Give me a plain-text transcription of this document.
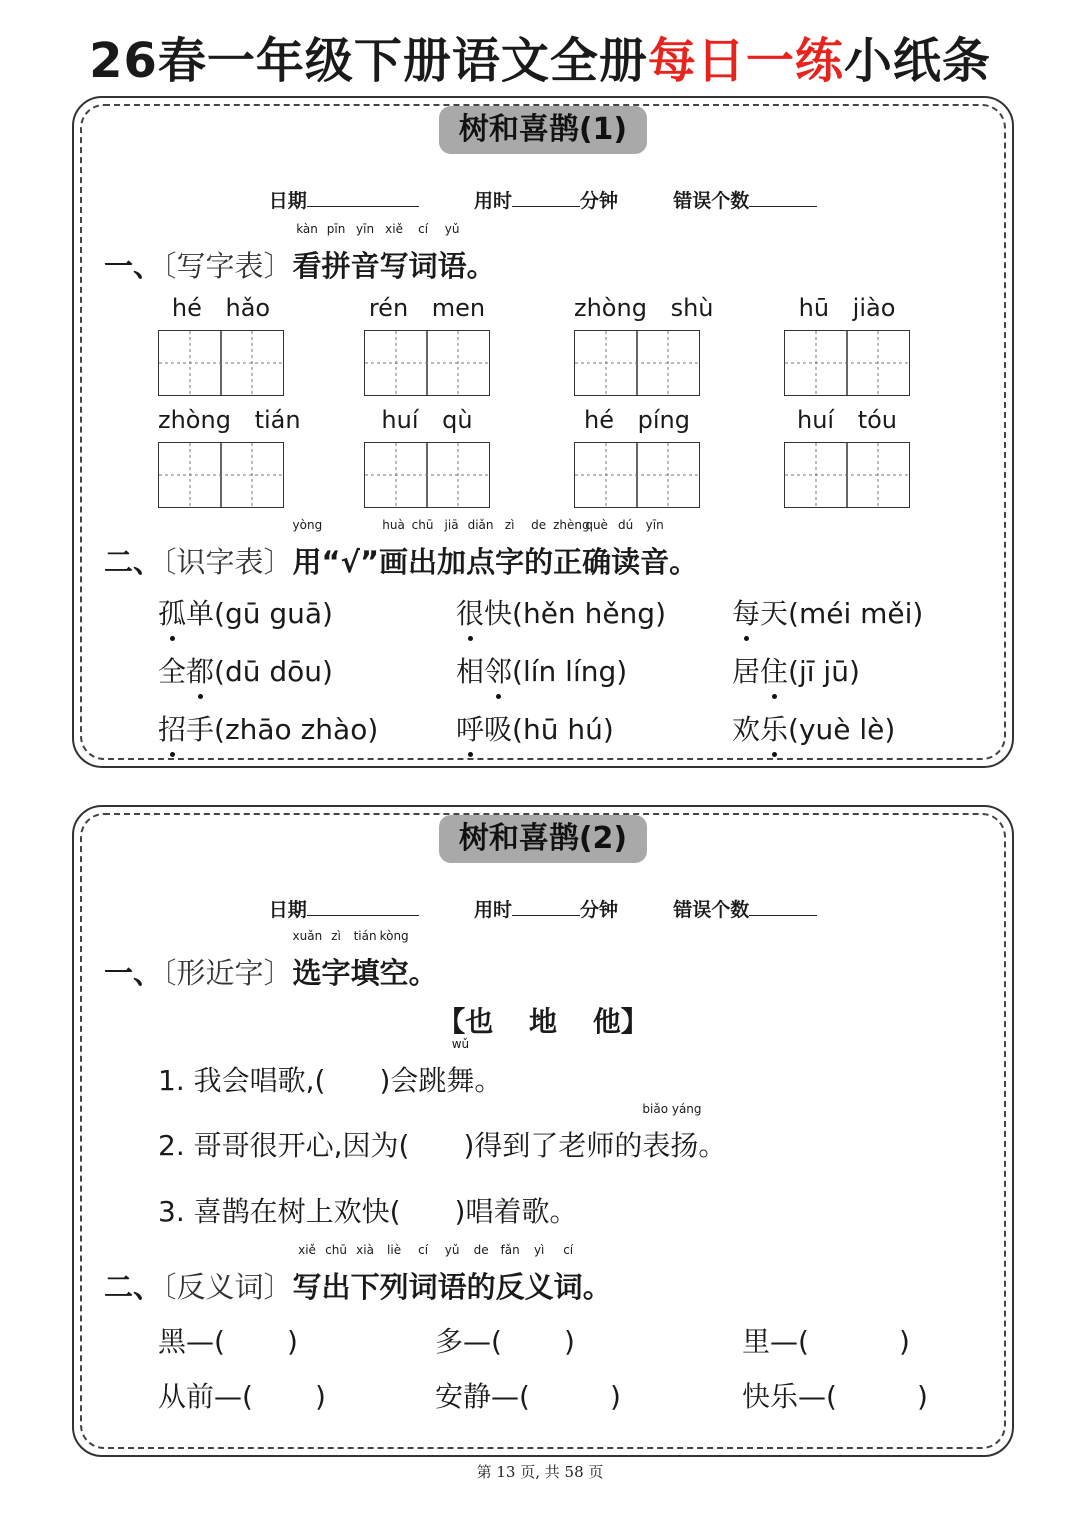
26春一年级下册语文全册每日一练小纸条
树和喜鹊(1)
日期	用时	分钟	错误个数
一、〔写字表〕
kàn
看
pīn
拼
yīn
音
xiě
写
cí
词
yǔ
语。
hé hǎo	rén men	zhòng shù	hū jiào
zhòng tián	huí qù	hé píng	huí tóu
二、〔识字表〕
yòng
用“√”
huà
画
chū
出
jiā
加
diǎn
点
zì
字
de
的
zhèng
正
què
确
dú
读
yīn
音。
孤单(gū guā)	很快(hěn hěng) 每天(méi měi)
全都(dū dōu)	相邻(lín líng)	居住(jī jū)
招手(zhāo zhào)	呼吸(hū hú)	欢乐(yuè lè)
树和喜鹊(2)
日期	用时	分钟	错误个数
一、〔形近字〕
xuǎn
选
zì
字
tián
填
kòng
空。
【也 地 他】
1. 我会唱歌,( )会跳
wǔ
舞。
2. 哥哥很开心,因为( )得到了老师的
biǎo yáng
表扬。
3. 喜鹊在树上欢快( )唱着歌。
二、〔反义词〕
xiě
写
chū
出
xià
下
liè
列
cí
词
yǔ
语
de
的
fǎn
反
yì
义
cí
词。
黑—( )	多—( )	里—(	)
从前—( )	安静—(	)	快乐—(	)
第 13 页, 共 58 页
